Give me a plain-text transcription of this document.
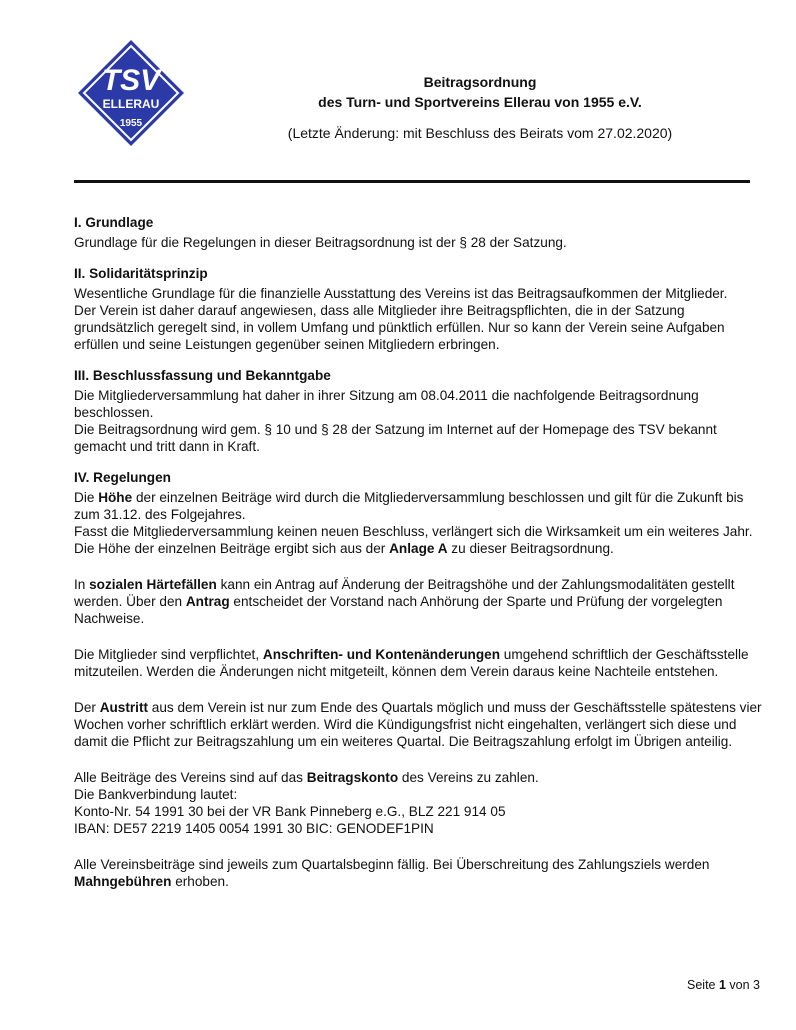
TSV
ELLERAU
1955
Beitragsordnung
des Turn- und Sportvereins Ellerau von 1955 e.V.
(Letzte Änderung: mit Beschluss des Beirats vom 27.02.2020)
I. Grundlage

Grundlage für die Regelungen in dieser Beitragsordnung ist der § 28 der Satzung.

II. Solidaritätsprinzip

Wesentliche Grundlage für die finanzielle Ausstattung des Vereins ist das Beitragsaufkommen der Mitglieder.

Der Verein ist daher darauf angewiesen, dass alle Mitglieder ihre Beitragspflichten, die in der Satzung grundsätzlich geregelt sind, in vollem Umfang und pünktlich erfüllen. Nur so kann der Verein seine Aufgaben erfüllen und seine Leistungen gegenüber seinen Mitgliedern erbringen.

III. Beschlussfassung und Bekanntgabe

Die Mitgliederversammlung hat daher in ihrer Sitzung am 08.04.2011 die nachfolgende Beitragsordnung beschlossen.

Die Beitragsordnung wird gem. § 10 und § 28 der Satzung im Internet auf der Homepage des TSV bekannt gemacht und tritt dann in Kraft.

IV. Regelungen

Die Höhe der einzelnen Beiträge wird durch die Mitgliederversammlung beschlossen und gilt für die Zukunft bis zum 31.12. des Folgejahres.

Fasst die Mitgliederversammlung keinen neuen Beschluss, verlängert sich die Wirksamkeit um ein weiteres Jahr.

Die Höhe der einzelnen Beiträge ergibt sich aus der Anlage A zu dieser Beitragsordnung.

In sozialen Härtefällen kann ein Antrag auf Änderung der Beitragshöhe und der Zahlungsmodalitäten gestellt werden. Über den Antrag entscheidet der Vorstand nach Anhörung der Sparte und Prüfung der vorgelegten Nachweise.

Die Mitglieder sind verpflichtet, Anschriften- und Kontenänderungen umgehend schriftlich der Geschäftsstelle mitzuteilen. Werden die Änderungen nicht mitgeteilt, können dem Verein daraus keine Nachteile entstehen.

Der Austritt aus dem Verein ist nur zum Ende des Quartals möglich und muss der Geschäftsstelle spätestens vier Wochen vorher schriftlich erklärt werden. Wird die Kündigungsfrist nicht eingehalten, verlängert sich diese und damit die Pflicht zur Beitragszahlung um ein weiteres Quartal. Die Beitragszahlung erfolgt im Übrigen anteilig.

Alle Beiträge des Vereins sind auf das Beitragskonto des Vereins zu zahlen.

Die Bankverbindung lautet:

Konto-Nr. 54 1991 30 bei der VR Bank Pinneberg e.G., BLZ 221 914 05

IBAN: DE57 2219 1405 0054 1991 30 BIC: GENODEF1PIN

Alle Vereinsbeiträge sind jeweils zum Quartalsbeginn fällig. Bei Überschreitung des Zahlungsziels werden
Mahngebühren erhoben.

Seite 1 von 3
